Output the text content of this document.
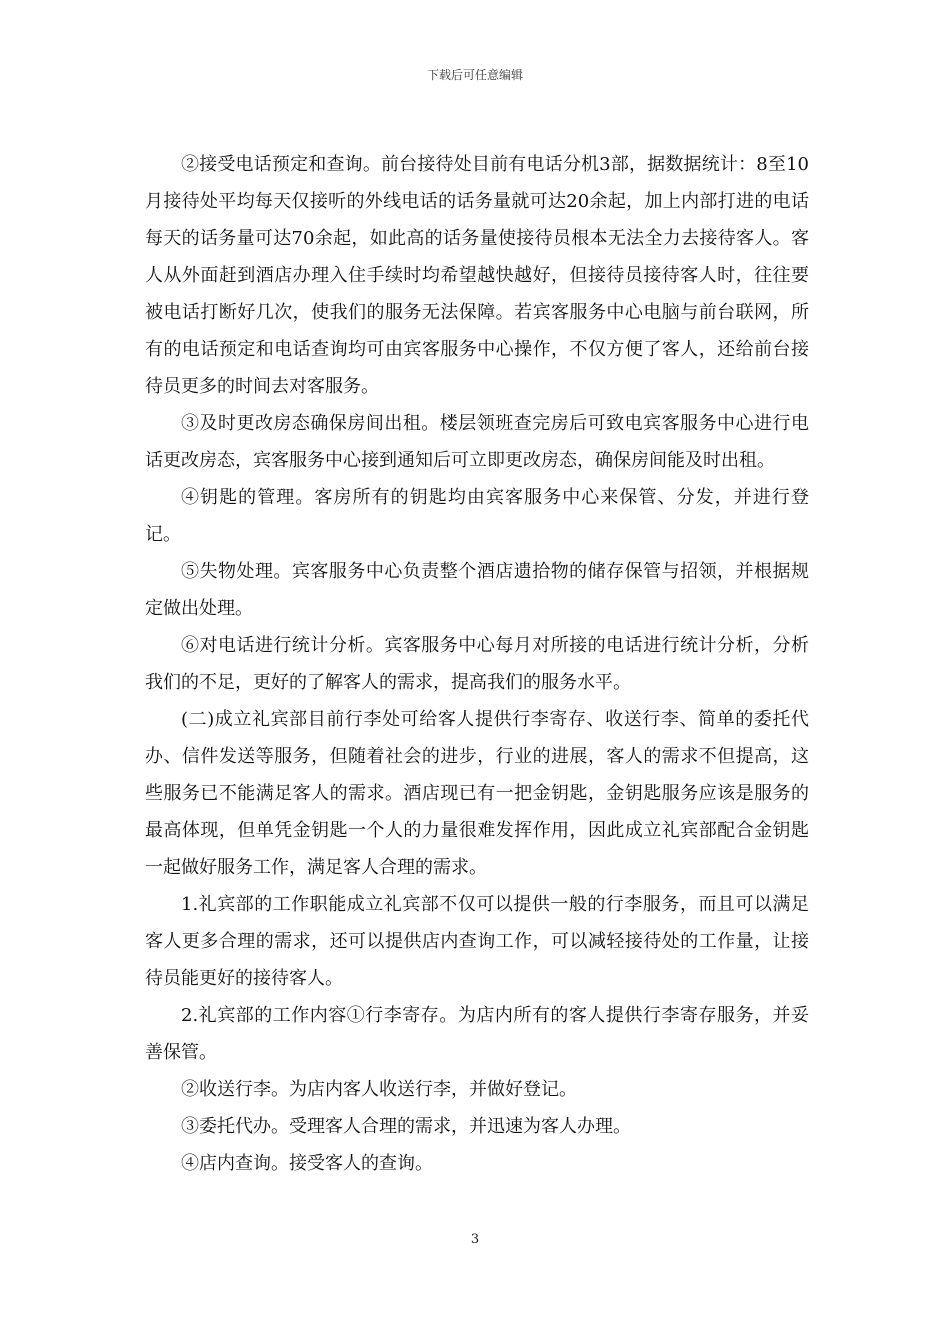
下载后可任意编辑

②接受电话预定和查询。前台接待处目前有电话分机3部，据数据统计：8至10月接待处平均每天仅接听的外线电话的话务量就可达20余起，加上内部打进的电话每天的话务量可达70余起，如此高的话务量使接待员根本无法全力去接待客人。客人从外面赶到酒店办理入住手续时均希望越快越好，但接待员接待客人时，往往要被电话打断好几次，使我们的服务无法保障。若宾客服务中心电脑与前台联网，所有的电话预定和电话查询均可由宾客服务中心操作，不仅方便了客人，还给前台接待员更多的时间去对客服务。

③及时更改房态确保房间出租。楼层领班查完房后可致电宾客服务中心进行电话更改房态，宾客服务中心接到通知后可立即更改房态，确保房间能及时出租。

④钥匙的管理。客房所有的钥匙均由宾客服务中心来保管、分发，并进行登记。

⑤失物处理。宾客服务中心负责整个酒店遗拾物的储存保管与招领，并根据规定做出处理。

⑥对电话进行统计分析。宾客服务中心每月对所接的电话进行统计分析，分析我们的不足，更好的了解客人的需求，提高我们的服务水平。

(二)成立礼宾部目前行李处可给客人提供行李寄存、收送行李、简单的委托代办、信件发送等服务，但随着社会的进步，行业的进展，客人的需求不但提高，这些服务已不能满足客人的需求。酒店现已有一把金钥匙，金钥匙服务应该是服务的最高体现，但单凭金钥匙一个人的力量很难发挥作用，因此成立礼宾部配合金钥匙一起做好服务工作，满足客人合理的需求。

1.礼宾部的工作职能成立礼宾部不仅可以提供一般的行李服务，而且可以满足客人更多合理的需求，还可以提供店内查询工作，可以减轻接待处的工作量，让接待员能更好的接待客人。

2.礼宾部的工作内容①行李寄存。为店内所有的客人提供行李寄存服务，并妥善保管。

②收送行李。为店内客人收送行李，并做好登记。

③委托代办。受理客人合理的需求，并迅速为客人办理。

④店内查询。接受客人的查询。

3
